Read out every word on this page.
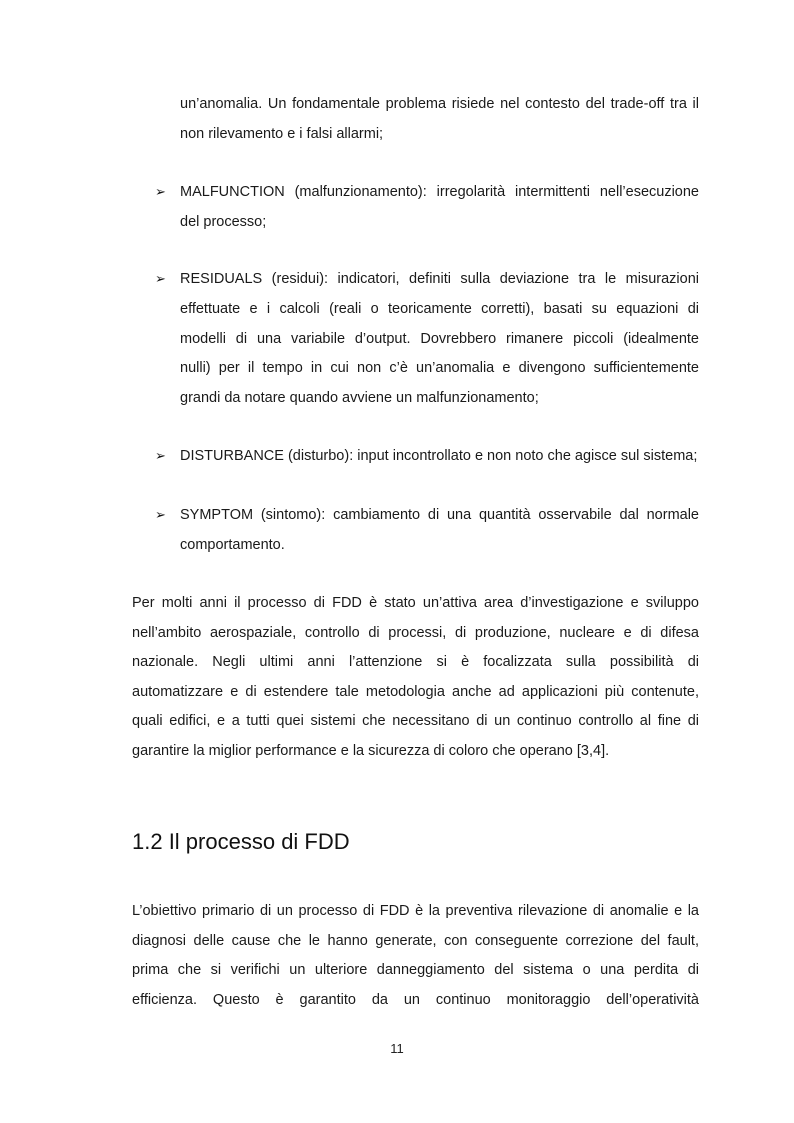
un’anomalia. Un fondamentale problema risiede nel contesto del trade-off tra il
non rilevamento e i falsi allarmi;
➢ MALFUNCTION (malfunzionamento): irregolarità intermittenti nell’esecuzione
del processo;
➢ RESIDUALS (residui): indicatori, definiti sulla deviazione tra le misurazioni
effettuate e i calcoli (reali o teoricamente corretti), basati su equazioni di
modelli di una variabile d’output. Dovrebbero rimanere piccoli (idealmente
nulli) per il tempo in cui non c’è un’anomalia e divengono sufficientemente
grandi da notare quando avviene un malfunzionamento;
➢ DISTURBANCE (disturbo): input incontrollato e non noto che agisce sul sistema;
➢ SYMPTOM (sintomo): cambiamento di una quantità osservabile dal normale
comportamento.
Per molti anni il processo di FDD è stato un’attiva area d’investigazione e sviluppo
nell’ambito aerospaziale, controllo di processi, di produzione, nucleare e di difesa
nazionale. Negli ultimi anni l’attenzione si è focalizzata sulla possibilità di
automatizzare e di estendere tale metodologia anche ad applicazioni più contenute,
quali edifici, e a tutti quei sistemi che necessitano di un continuo controllo al fine di
garantire la miglior performance e la sicurezza di coloro che operano [3,4].
1.2 Il processo di FDD
L’obiettivo primario di un processo di FDD è la preventiva rilevazione di anomalie e la
diagnosi delle cause che le hanno generate, con conseguente correzione del fault,
prima che si verifichi un ulteriore danneggiamento del sistema o una perdita di
efficienza. Questo è garantito da un continuo monitoraggio dell’operatività
11
